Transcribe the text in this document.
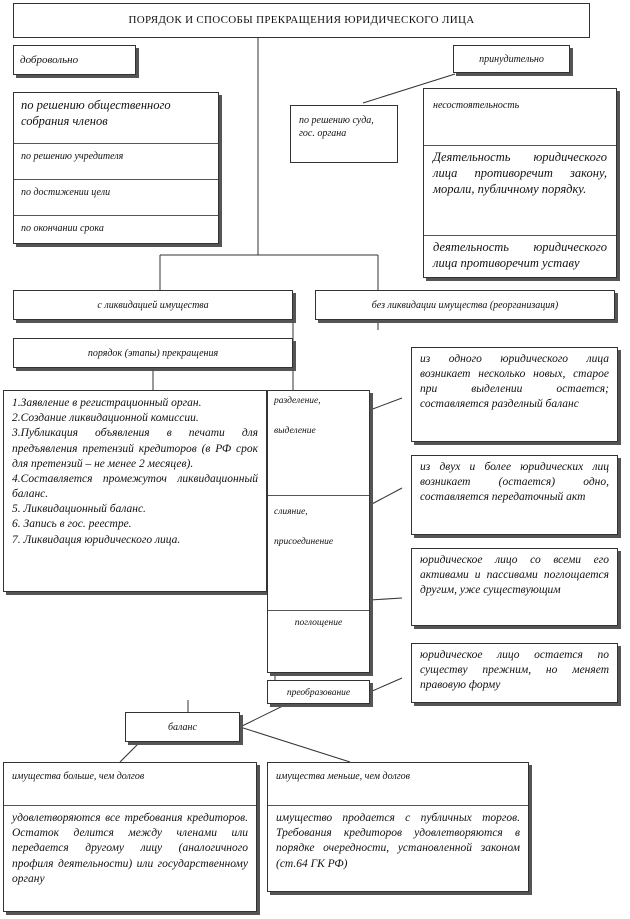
ПОРЯДОК И СПОСОБЫ ПРЕКРАЩЕНИЯ ЮРИДИЧЕСКОГО ЛИЦА
добровольно
по решению общественного собрания членов
по решению учредителя
по достижении цели
по окончании срока
принудительно
по решению суда, гос. органа
несостоятельность
Деятельность юридического лица противоречит закону, морали, публичному порядку.
деятельность юридического лица противоречит уставу
с ликвидацией имущества
порядок (этапы) прекращения
1.Заявление в регистрационный орган.
2.Создание ликвидационной комиссии.
3.Публикация объявления в печати для предъявления претензий кредиторов (в РФ срок для претензий – не менее 2 месяцев).
4.Составляется промежуточ ликвидационный баланс.
5. Ликвидационный баланс.
6. Запись в гос. реестре.
7. Ликвидация юридического лица.
без ликвидации имущества (реорганизация)
разделение,
выделение
слияние,
присоединение
поглощение
преобразование
из одного юридического лица возникает несколько новых, старое при выделении остается; составляется разделный баланс
из двух и более юридических лиц возникает (остается) одно, составляется передаточный акт
юридическое лицо со всеми его активами и пассивами поглощается другим, уже существующим
юридическое лицо остается по существу прежним, но меняет правовую форму
баланс
имущества больше, чем долгов
удовлетворяются все требования кредиторов. Остаток делится между членами или передается другому лицу (аналогичного профиля деятельности) или государственному органу
имущества меньше, чем долгов
имущество продается с публичных торгов. Требования кредиторов удовлетворяются в порядке очередности, установленной законом (ст.64 ГК РФ)
